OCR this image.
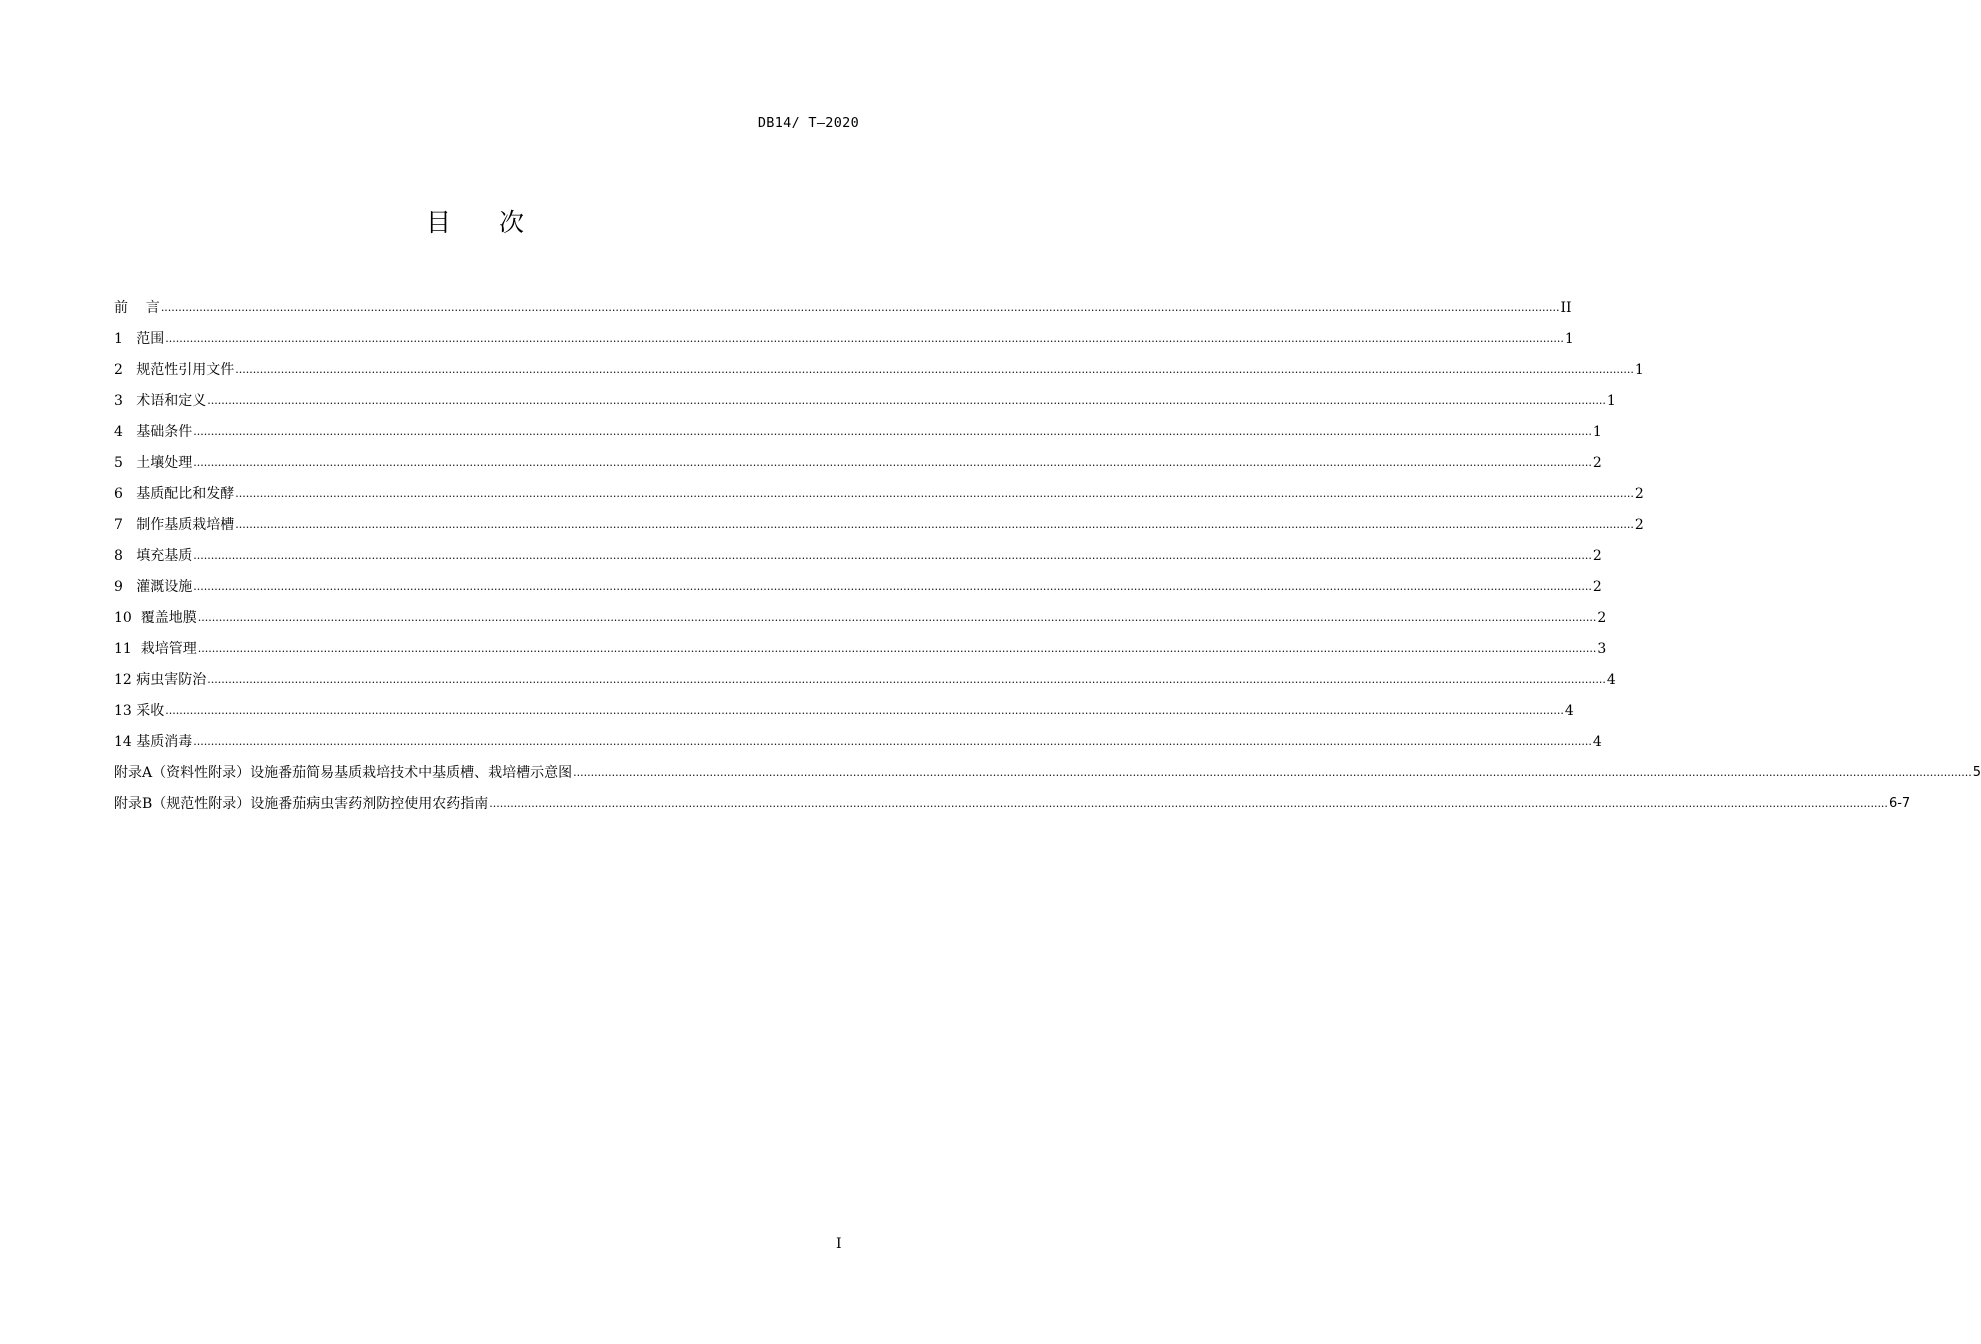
DB14/ T—2020
目次
前    言 ................................................................................................................................................................................................................................................................................................................................................................................................................ II
1   范围 ................................................................................................................................................................................................................................................................................................................................................................................................................ 1
2   规范性引用文件 ................................................................................................................................................................................................................................................................................................................................................................................................................ 1
3   术语和定义 ................................................................................................................................................................................................................................................................................................................................................................................................................ 1
4   基础条件 ................................................................................................................................................................................................................................................................................................................................................................................................................ 1
5   土壤处理 ................................................................................................................................................................................................................................................................................................................................................................................................................ 2
6   基质配比和发酵 ................................................................................................................................................................................................................................................................................................................................................................................................................ 2
7   制作基质栽培槽 ................................................................................................................................................................................................................................................................................................................................................................................................................ 2
8   填充基质 ................................................................................................................................................................................................................................................................................................................................................................................................................ 2
9   灌溉设施 ................................................................................................................................................................................................................................................................................................................................................................................................................ 2
10  覆盖地膜 ................................................................................................................................................................................................................................................................................................................................................................................................................ 2
11  栽培管理 ................................................................................................................................................................................................................................................................................................................................................................................................................ 3
12 病虫害防治 ................................................................................................................................................................................................................................................................................................................................................................................................................ 4
13 采收 ................................................................................................................................................................................................................................................................................................................................................................................................................ 4
14 基质消毒 ................................................................................................................................................................................................................................................................................................................................................................................................................ 4
附录A（资料性附录）设施番茄简易基质栽培技术中基质槽、栽培槽示意图 ................................................................................................................................................................................................................................................................................................................................................................................................................ 5
附录B（规范性附录）设施番茄病虫害药剂防控使用农药指南 ................................................................................................................................................................................................................................................................................................................................................................................................................ 6-7
I
